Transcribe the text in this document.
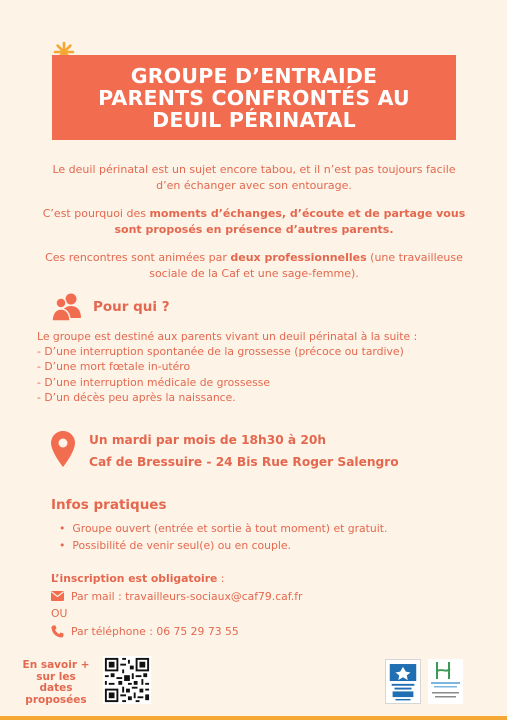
GROUPE D’ENTRAIDE
PARENTS CONFRONTÉS AU
DEUIL PÉRINATAL

Le deuil périnatal est un sujet encore tabou, et il n’est pas toujours facile d’en échanger avec son entourage.

C’est pourquoi des moments d’échanges, d’écoute et de partage vous sont proposés en présence d’autres parents.

Ces rencontres sont animées par deux professionnelles (une travailleuse sociale de la Caf et une sage-femme).

Pour qui ?
Le groupe est destiné aux parents vivant un deuil périnatal à la suite :
- D’une interruption spontanée de la grossesse (précoce ou tardive)
- D’une mort fœtale in-utéro
- D’une interruption médicale de grossesse
- D’un décès peu après la naissance.
Un mardi par mois de 18h30 à 20h
Caf de Bressuire - 24 Bis Rue Roger Salengro
Infos pratiques
• Groupe ouvert (entrée et sortie à tout moment) et gratuit.
• Possibilité de venir seul(e) ou en couple.
L’inscription est obligatoire :
Par mail : travailleurs-sociaux@caf79.caf.fr
OU
Par téléphone : 06 75 29 73 55
En savoir +
sur les dates
proposées
